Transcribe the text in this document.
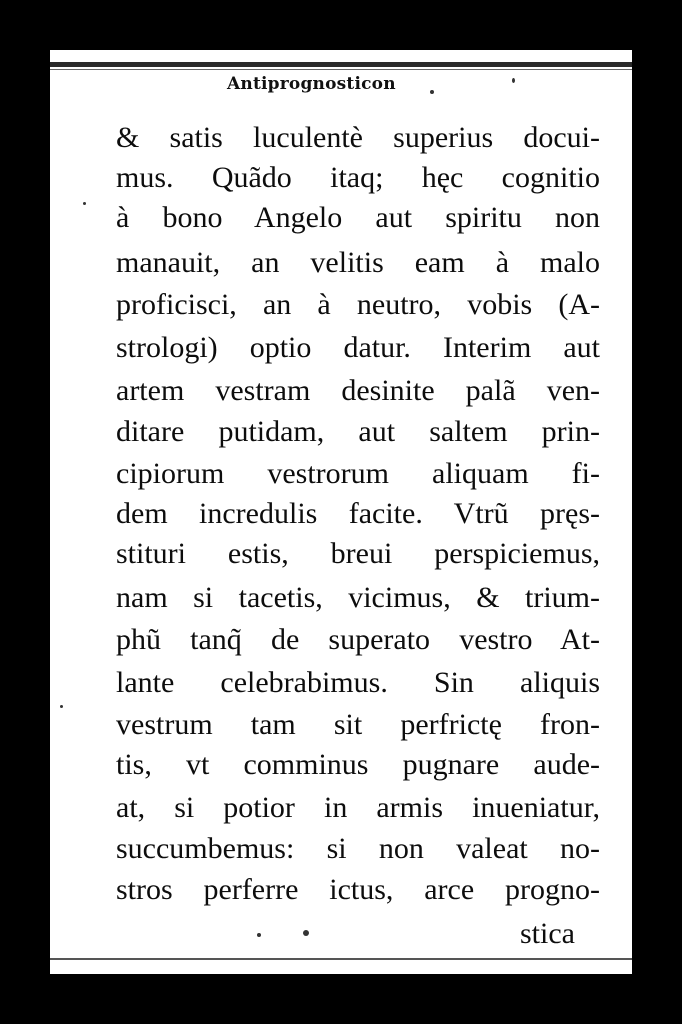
Antiprognosticon
& satis luculentè superius docui-
mus. Quãdo itaq; hęc cognitio
à bono Angelo aut spiritu non
manauit, an velitis eam à malo
proficisci, an à neutro, vobis (A-
strologi) optio datur. Interim aut
artem vestram desinite palã ven-
ditare putidam, aut saltem prin-
cipiorum vestrorum aliquam fi-
dem incredulis facite. Vtrũ pręs-
stituri estis, breui perspiciemus,
nam si tacetis, vicimus, & trium-
phũ tanq̃ de superato vestro At-
lante celebrabimus. Sin aliquis
vestrum tam sit perfrictę fron-
tis, vt comminus pugnare aude-
at, si potior in armis inueniatur,
succumbemus: si non valeat no-
stros perferre ictus, arce progno-
stica
